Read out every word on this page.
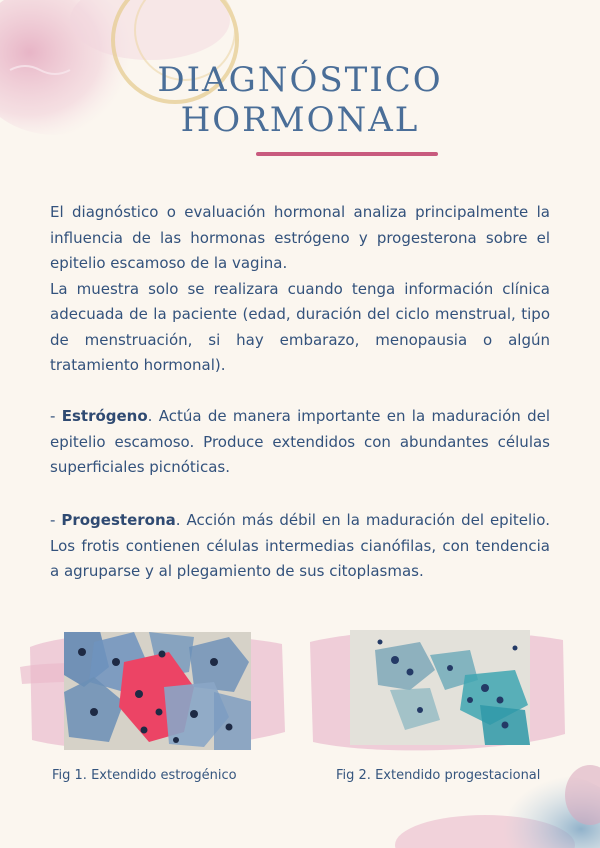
DIAGNÓSTICO
HORMONAL

El diagnóstico o evaluación hormonal analiza principalmente la influencia de las hormonas estrógeno y progesterona sobre el epitelio escamoso de la vagina.

La muestra solo se realizara cuando tenga información clínica adecuada de la paciente (edad, duración del ciclo menstrual, tipo de menstruación, si hay embarazo, menopausia o algún tratamiento hormonal).

- Estrógeno. Actúa de manera importante en la maduración del epitelio escamoso. Produce extendidos con abundantes células superficiales picnóticas.

- Progesterona. Acción más débil en la maduración del epitelio. Los frotis contienen células intermedias cianófilas, con tendencia a agruparse y al plegamiento de sus citoplasmas.

Fig 1. Extendido estrogénico	Fig 2. Extendido progestacional
